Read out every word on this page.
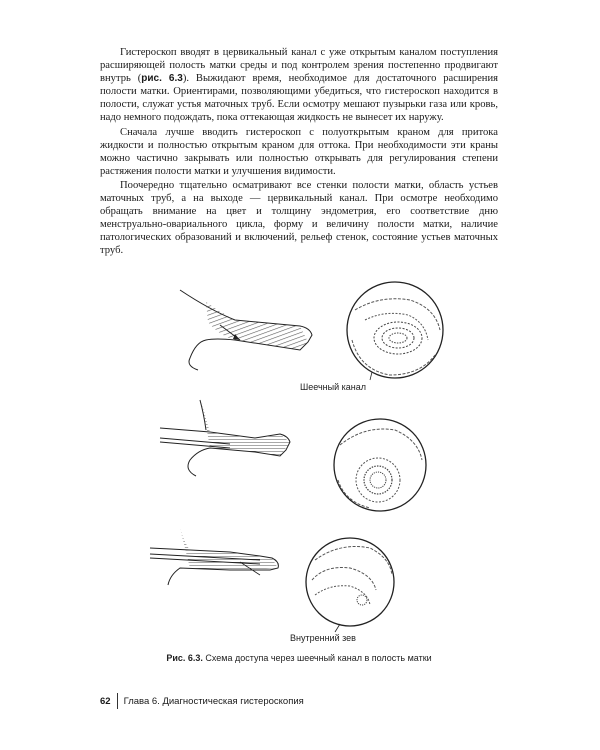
Гистероскоп вводят в цервикальный канал с уже открытым каналом поступления расширяющей полость матки среды и под контролем зрения постепенно продвигают внутрь (рис. 6.3). Выжидают время, необходимое для достаточного расширения полости матки. Ориентирами, позволяющими убедиться, что гистероскоп находится в полости, служат устья маточных труб. Если осмотру мешают пузырьки газа или кровь, надо немного подождать, пока оттекающая жидкость не вынесет их наружу.

Сначала лучше вводить гистероскоп с полуоткрытым краном для притока жидкости и полностью открытым краном для оттока. При необходимости эти краны можно частично закрывать или полностью открывать для регулирования степени растяжения полости матки и улучшения видимости.

Поочередно тщательно осматривают все стенки полости матки, область устьев маточных труб, а на выходе — цервикальный канал. При осмотре необходимо обращать внимание на цвет и толщину эндометрия, его соответствие дню менструально-овариального цикла, форму и величину полости матки, наличие патологических образований и включений, рельеф стенок, состояние устьев маточных труб.

Шеечный канал
Внутренний зев
Рис. 6.3. Схема доступа через шеечный канал в полость матки
62	Глава 6. Диагностическая гистероскопия
